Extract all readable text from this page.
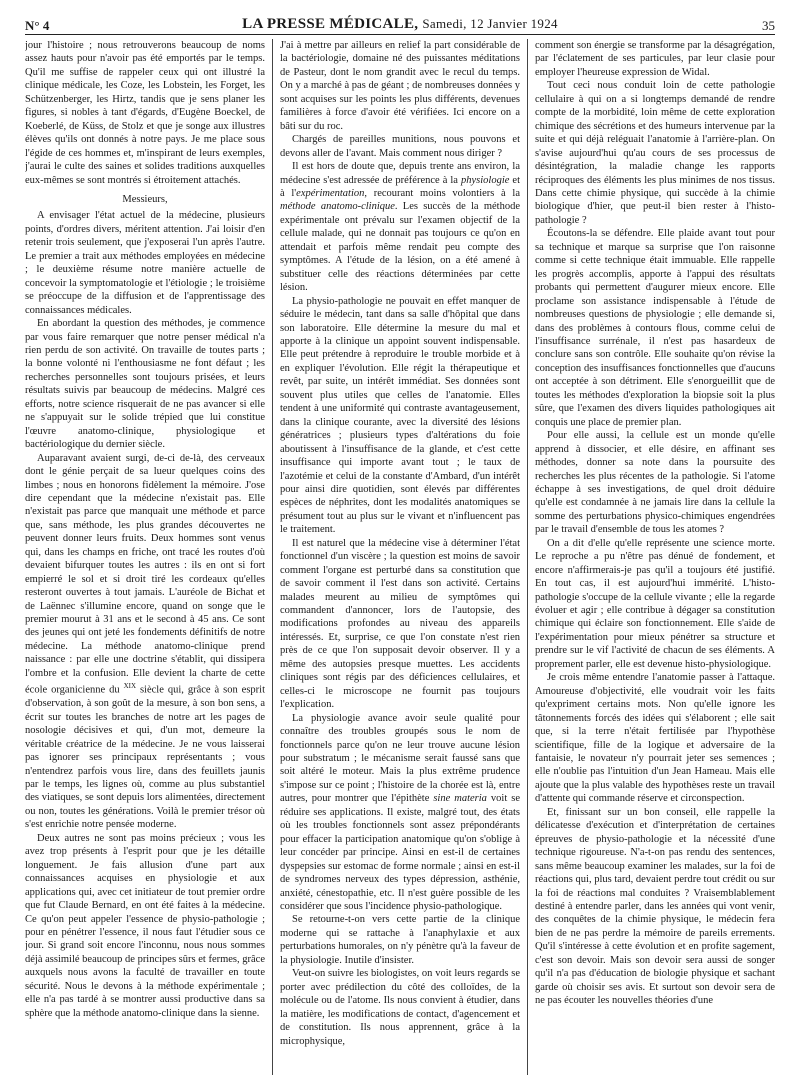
N° 4	LA PRESSE MÉDICALE, Samedi, 12 Janvier 1924	35

jour l'histoire ; nous retrouverons beaucoup de noms assez hauts pour n'avoir pas été emportés par le temps. Qu'il me suffise de rappeler ceux qui ont illustré la clinique médicale, les Coze, les Lobstein, les Forget, les Schützenberger, les Hirtz, tandis que je sens planer les figures, si nobles à tant d'égards, d'Eugène Boeckel, de Koeberlé, de Küss, de Stolz et que je songe aux illustres élèves qu'ils ont donnés à notre pays. Je me place sous l'égide de ces hommes et, m'inspirant de leurs exemples, j'aurai le culte des saines et solides traditions auxquelles eux-mêmes se sont montrés si étroitement attachés.

Messieurs,

A envisager l'état actuel de la médecine, plusieurs points, d'ordres divers, méritent attention. J'ai loisir d'en retenir trois seulement, que j'exposerai l'un après l'autre. Le premier a trait aux méthodes employées en médecine ; le deuxième résume notre manière actuelle de concevoir la symptomatologie et l'étiologie ; le troisième se préoccupe de la diffusion et de l'apprentissage des connaissances médicales.

En abordant la question des méthodes, je commence par vous faire remarquer que notre penser médical n'a rien perdu de son activité. On travaille de toutes parts ; la bonne volonté ni l'enthousiasme ne font défaut ; les recherches personnelles sont toujours prisées, et leurs résultats suivis par beaucoup de médecins. Malgré ces efforts, notre science risquerait de ne pas avancer si elle ne s'appuyait sur le solide trépied que lui constitue l'œuvre anatomo-clinique, physiologique et bactériologique du dernier siècle.

Auparavant avaient surgi, de-ci de-là, des cerveaux dont le génie perçait de sa lueur quelques coins des limbes ; nous en honorons fidèlement la mémoire. J'ose dire cependant que la médecine n'existait pas. Elle n'existait pas parce que manquait une méthode et parce que, sans méthode, les plus grandes découvertes ne peuvent donner leurs fruits. Deux hommes sont venus qui, dans les champs en friche, ont tracé les routes d'où devaient bifurquer toutes les autres : ils en ont si fort empierré le sol et si droit tiré les cordeaux qu'elles resteront ouvertes à tout jamais. L'auréole de Bichat et de Laënnec s'illumine encore, quand on songe que le premier mourut à 31 ans et le second à 45 ans. Ce sont des jeunes qui ont jeté les fondements définitifs de notre médecine. La méthode anatomo-clinique prend naissance : par elle une doctrine s'établit, qui dissipera l'ombre et la confusion. Elle devient la charte de cette école organicienne du $^{XIX}$ siècle qui, grâce à son esprit d'observation, à son goût de la mesure, à son bon sens, a écrit sur toutes les branches de notre art les pages de nosologie décisives et qui, d'un mot, demeure la véritable créatrice de la médecine. Je ne vous laisserai pas ignorer ses principaux représentants ; vous n'entendrez parfois vous lire, dans des feuillets jaunis par le temps, les lignes où, comme au plus substantiel des viatiques, se sont depuis lors alimentées, directement ou non, toutes les générations. Voilà le premier trésor où s'est enrichie notre pensée moderne.

Deux autres ne sont pas moins précieux ; vous les avez trop présents à l'esprit pour que je les détaille longuement. Je fais allusion d'une part aux connaissances acquises en physiologie et aux applications qui, avec cet initiateur de tout premier ordre que fut Claude Bernard, en ont été faites à la médecine. Ce qu'on peut appeler l'essence de physio-pathologie ; pour en pénétrer l'essence, il nous faut l'étudier sous ce jour. Si grand soit encore l'inconnu, nous nous sommes déjà assimilé beaucoup de principes sûrs et fermes, grâce auxquels nous avons la faculté de travailler en toute sécurité. Nous le devons à la méthode expérimentale ; elle n'a pas tardé à se montrer aussi productive dans sa sphère que la méthode anatomo-clinique dans la sienne.

J'ai à mettre par ailleurs en relief la part considérable de la bactériologie, domaine né des puissantes méditations de Pasteur, dont le nom grandit avec le recul du temps. On y a marché à pas de géant ; de nombreuses données y sont acquises sur les points les plus différents, devenues familières à force d'avoir été vérifiées. Ici encore on a bâti sur du roc.

Chargés de pareilles munitions, nous pouvons et devons aller de l'avant. Mais comment nous diriger ?

Il est hors de doute que, depuis trente ans environ, la médecine s'est adressée de préférence à la physiologie et à l'expérimentation, recourant moins volontiers à la méthode anatomo-clinique. Les succès de la méthode expérimentale ont prévalu sur l'examen objectif de la cellule malade, qui ne donnait pas toujours ce qu'on en attendait et parfois même rendait peu compte des symptômes. A l'étude de la lésion, on a été amené à substituer celle des réactions déterminées par cette lésion.

La physio-pathologie ne pouvait en effet manquer de séduire le médecin, tant dans sa salle d'hôpital que dans son laboratoire. Elle détermine la mesure du mal et apporte à la clinique un appoint souvent indispensable. Elle peut prétendre à reproduire le trouble morbide et à en expliquer l'évolution. Elle régit la thérapeutique et revêt, par suite, un intérêt immédiat. Ses données sont souvent plus utiles que celles de l'anatomie. Elles tendent à une uniformité qui contraste avantageusement, dans la clinique courante, avec la diversité des lésions génératrices ; plusieurs types d'altérations du foie aboutissent à l'insuffisance de la glande, et c'est cette insuffisance qui importe avant tout ; le taux de l'azotémie et celui de la constante d'Ambard, d'un intérêt pour ainsi dire quotidien, sont élevés par différentes espèces de néphrites, dont les modalités anatomiques se présument tout au plus sur le vivant et n'influencent pas le traitement.

Il est naturel que la médecine vise à déterminer l'état fonctionnel d'un viscère ; la question est moins de savoir comment l'organe est perturbé dans sa constitution que de savoir comment il l'est dans son activité. Certains malades meurent au milieu de symptômes qui commandent d'annoncer, lors de l'autopsie, des modifications profondes au niveau des appareils intéressés. Et, surprise, ce que l'on constate n'est rien près de ce que l'on supposait devoir observer. Il y a même des autopsies presque muettes. Les accidents cliniques sont régis par des déficiences cellulaires, et celles-ci le microscope ne fournit pas toujours l'explication.

La physiologie avance avoir seule qualité pour connaître des troubles groupés sous le nom de fonctionnels parce qu'on ne leur trouve aucune lésion pour substratum ; le mécanisme serait faussé sans que soit altéré le moteur. Mais la plus extrême prudence s'impose sur ce point ; l'histoire de la chorée est là, entre autres, pour montrer que l'épithète sine materia voit se réduire ses applications. Il existe, malgré tout, des états où les troubles fonctionnels sont assez prépondérants pour effacer la participation anatomique qu'on s'oblige à leur concéder par principe. Ainsi en est-il de certaines dyspepsies sur estomac de forme normale ; ainsi en est-il de syndromes nerveux des types dépression, asthénie, anxiété, cénestopathie, etc. Il n'est guère possible de les considérer que sous l'incidence physio-pathologique.

Se retourne-t-on vers cette partie de la clinique moderne qui se rattache à l'anaphylaxie et aux perturbations humorales, on n'y pénètre qu'à la faveur de la physiologie. Inutile d'insister.

Veut-on suivre les biologistes, on voit leurs regards se porter avec prédilection du côté des colloïdes, de la molécule ou de l'atome. Ils nous convient à étudier, dans la matière, les modifications de contact, d'agencement et de constitution. Ils nous apprennent, grâce à la microphysique,

comment son énergie se transforme par la désagrégation, par l'éclatement de ses particules, par leur clasie pour employer l'heureuse expression de Widal.

Tout ceci nous conduit loin de cette pathologie cellulaire à qui on a si longtemps demandé de rendre compte de la morbidité, loin même de cette exploration chimique des sécrétions et des humeurs intervenue par la suite et qui déjà reléguait l'anatomie à l'arrière-plan. On s'avise aujourd'hui qu'au cours de ses processus de désintégration, la maladie change les rapports réciproques des éléments les plus minimes de nos tissus. Dans cette chimie physique, qui succède à la chimie biologique d'hier, que peut-il bien rester à l'histo-pathologie ?

Écoutons-la se défendre. Elle plaide avant tout pour sa technique et marque sa surprise que l'on raisonne comme si cette technique était immuable. Elle rappelle les progrès accomplis, apporte à l'appui des résultats probants qui permettent d'augurer mieux encore. Elle proclame son assistance indispensable à l'étude de nombreuses questions de physiologie ; elle demande si, dans des problèmes à contours flous, comme celui de l'insuffisance surrénale, il n'est pas hasardeux de conclure sans son contrôle. Elle souhaite qu'on révise la conception des insuffisances fonctionnelles que d'aucuns ont acceptée à son détriment. Elle s'enorgueillit que de toutes les méthodes d'exploration la biopsie soit la plus sûre, que l'examen des divers liquides pathologiques ait conquis une place de premier plan.

Pour elle aussi, la cellule est un monde qu'elle apprend à dissocier, et elle désire, en affinant ses méthodes, donner sa note dans la poursuite des recherches les plus récentes de la pathologie. Si l'atome échappe à ses investigations, de quel droit déduire qu'elle est condamnée à ne jamais lire dans la cellule la somme des perturbations physico-chimiques engendrées par le travail d'ensemble de tous les atomes ?

On a dit d'elle qu'elle représente une science morte. Le reproche a pu n'être pas dénué de fondement, et encore n'affirmerais-je pas qu'il a toujours été justifié. En tout cas, il est aujourd'hui immérité. L'histo-pathologie s'occupe de la cellule vivante ; elle la regarde évoluer et agir ; elle contribue à dégager sa constitution chimique qui éclaire son fonctionnement. Elle s'aide de l'expérimentation pour mieux pénétrer sa structure et prendre sur le vif l'activité de chacun de ses éléments. A proprement parler, elle est devenue histo-physiologique.

Je crois même entendre l'anatomie passer à l'attaque. Amoureuse d'objectivité, elle voudrait voir les faits qu'expriment certains mots. Non qu'elle ignore les tâtonnements forcés des idées qui s'élaborent ; elle sait que, si la terre n'était fertilisée par l'hypothèse scientifique, fille de la logique et adversaire de la fantaisie, le novateur n'y pourrait jeter ses semences ; elle n'oublie pas l'intuition d'un Jean Hameau. Mais elle ajoute que la plus valable des hypothèses reste un travail d'attente qui commande réserve et circonspection.

Et, finissant sur un bon conseil, elle rappelle la délicatesse d'exécution et d'interprétation de certaines épreuves de physio-pathologie et la nécessité d'une technique rigoureuse. N'a-t-on pas rendu des sentences, sans même beaucoup examiner les malades, sur la foi de réactions qui, plus tard, devaient perdre tout crédit ou sur la foi de réactions mal conduites ? Vraisemblablement destiné à entendre parler, dans les années qui vont venir, des conquêtes de la chimie physique, le médecin fera bien de ne pas perdre la mémoire de pareils errements. Qu'il s'intéresse à cette évolution et en profite sagement, c'est son devoir. Mais son devoir sera aussi de songer qu'il n'a pas d'éducation de biologie physique et sachant garde où choisir ses avis. Et surtout son devoir sera de ne pas écouter les nouvelles théories d'une
